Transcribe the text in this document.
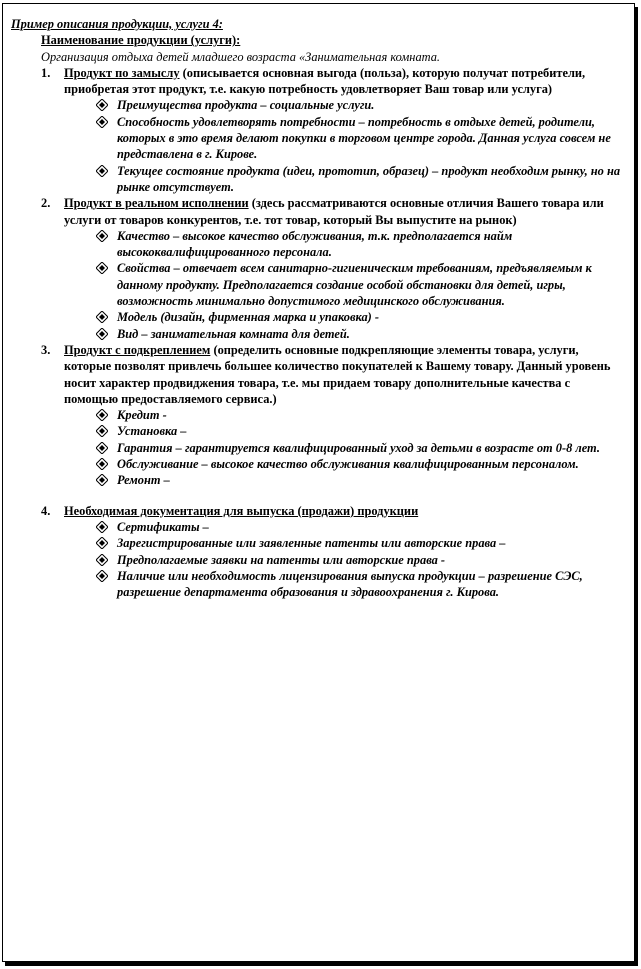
Пример описания продукции, услуги 4:
Наименование продукции (услуги):
Организация отдыха детей младшего возраста «Занимательная комната.
1. Продукт по замыслу (описывается основная выгода (польза), которую получат потребители, приобретая этот продукт, т.е. какую потребность удовлетворяет Ваш товар или услуга)
Преимущества продукта – социальные услуги.
Способность удовлетворять потребности – потребность в отдыхе детей, родители, которых в это время делают покупки в торговом центре города. Данная услуга совсем не представлена в г. Кирове.
Текущее состояние продукта (идеи, прототип, образец) – продукт необходим рынку, но на рынке отсутствует.
2. Продукт в реальном исполнении (здесь рассматриваются основные отличия Вашего товара или услуги от товаров конкурентов, т.е. тот товар, который Вы выпустите на рынок)
Качество – высокое качество обслуживания, т.к. предполагается найм высококвалифицированного персонала.
Свойства – отвечает всем санитарно-гигиеническим требованиям, предъявляемым к данному продукту. Предполагается создание особой обстановки для детей, игры, возможность минимально допустимого медицинского обслуживания.
Модель (дизайн, фирменная марка и упаковка) -
Вид – занимательная комната для детей.
3. Продукт с подкреплением (определить основные подкрепляющие элементы товара, услуги, которые позволят привлечь большее количество покупателей к Вашему товару. Данный уровень носит характер продвиджения товара, т.е. мы придаем товару дополнительные качества с помощью предоставляемого сервиса.)
Кредит -
Установка –
Гарантия – гарантируется квалифицированный уход за детьми в возрасте от 0-8 лет.
Обслуживание – высокое качество обслуживания квалифицированным персоналом.
Ремонт –
4. Необходимая документация для выпуска (продажи) продукции
Сертификаты –
Зарегистрированные или заявленные патенты или авторские права –
Предполагаемые заявки на патенты или авторские права -
Наличие или необходимость лицензирования выпуска продукции – разрешение СЭС, разрешение департамента образования и здравоохранения г. Кирова.
